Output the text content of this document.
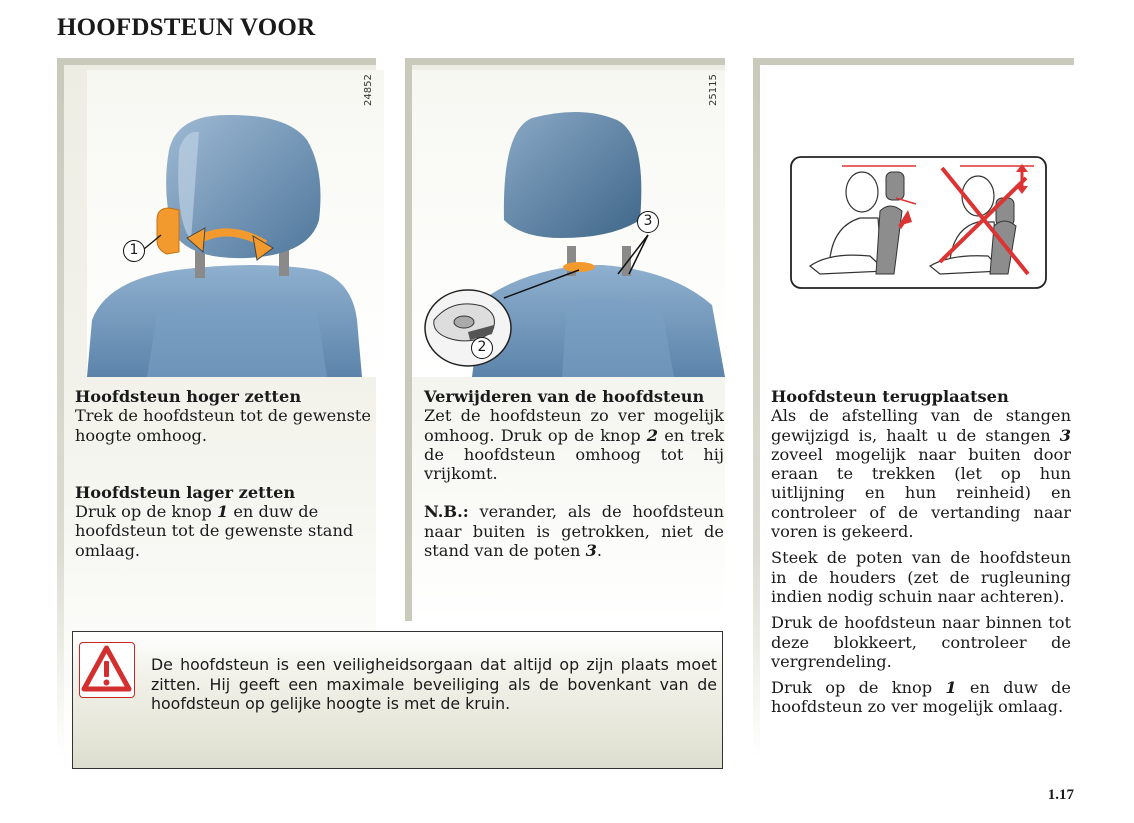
HOOFDSTEUN VOOR
1
24852
Hoofdsteun hoger zetten

Trek de hoofdsteun tot de gewenste hoogte omhoog.

Hoofdsteun lager zetten

Druk op de knop 1 en duw de hoofdsteun tot de gewenste stand omlaag.

3
2
25115
Verwijderen van de hoofdsteun

Zet de hoofdsteun zo ver mogelijk omhoog. Druk op de knop 2 en trek de hoofdsteun omhoog tot hij vrijkomt.

N.B.: verander, als de hoofdsteun naar buiten is getrokken, niet de stand van de poten 3.

Hoofdsteun terugplaatsen

Als de afstelling van de stangen gewijzigd is, haalt u de stangen 3 zoveel mogelijk naar buiten door eraan te trekken (let op hun uitlijning en hun reinheid) en controleer of de vertanding naar voren is gekeerd.

Steek de poten van de hoofdsteun in de houders (zet de rugleuning indien nodig schuin naar achteren).

Druk de hoofdsteun naar binnen tot deze blokkeert, controleer de vergrendeling.

Druk op de knop 1 en duw de hoofdsteun zo ver mogelijk omlaag.

De hoofdsteun is een veiligheidsorgaan dat altijd op zijn plaats moet zitten. Hij geeft een maximale beveiliging als de bovenkant van de hoofdsteun op gelijke hoogte is met de kruin.
1.17
